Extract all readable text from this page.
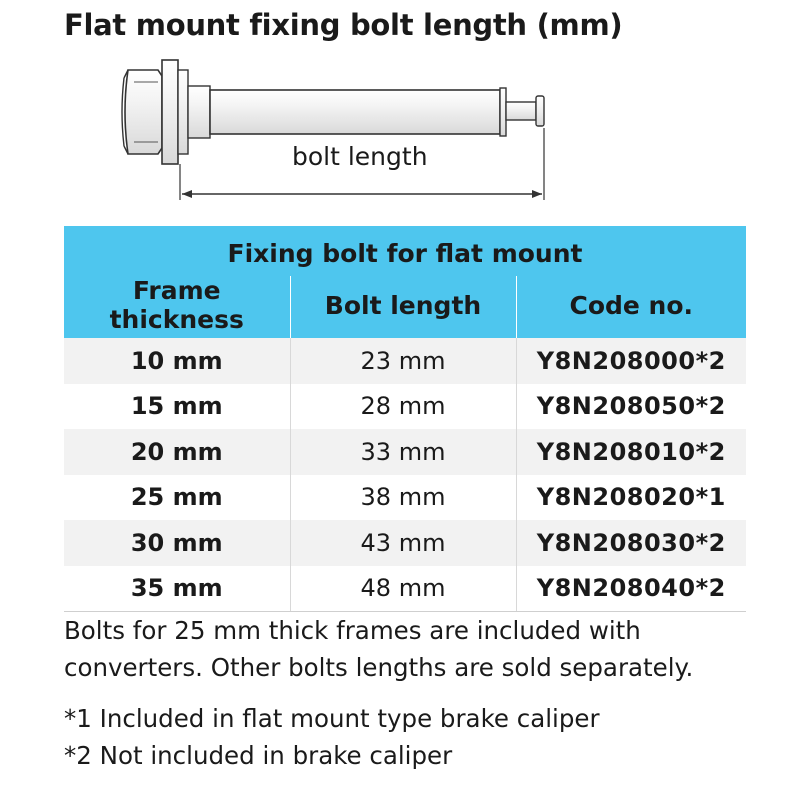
Flat mount fixing bolt length (mm)
bolt length
Fixing bolt for flat mount		
Frame thickness	Bolt length	Code no.
10 mm	23 mm	Y8N208000*2
15 mm	28 mm	Y8N208050*2
20 mm	33 mm	Y8N208010*2
25 mm	38 mm	Y8N208020*1
30 mm	43 mm	Y8N208030*2
35 mm	48 mm	Y8N208040*2

Bolts for 25 mm thick frames are included with

converters. Other bolts lengths are sold separately.

*1 Included in flat mount type brake caliper

*2 Not included in brake caliper
